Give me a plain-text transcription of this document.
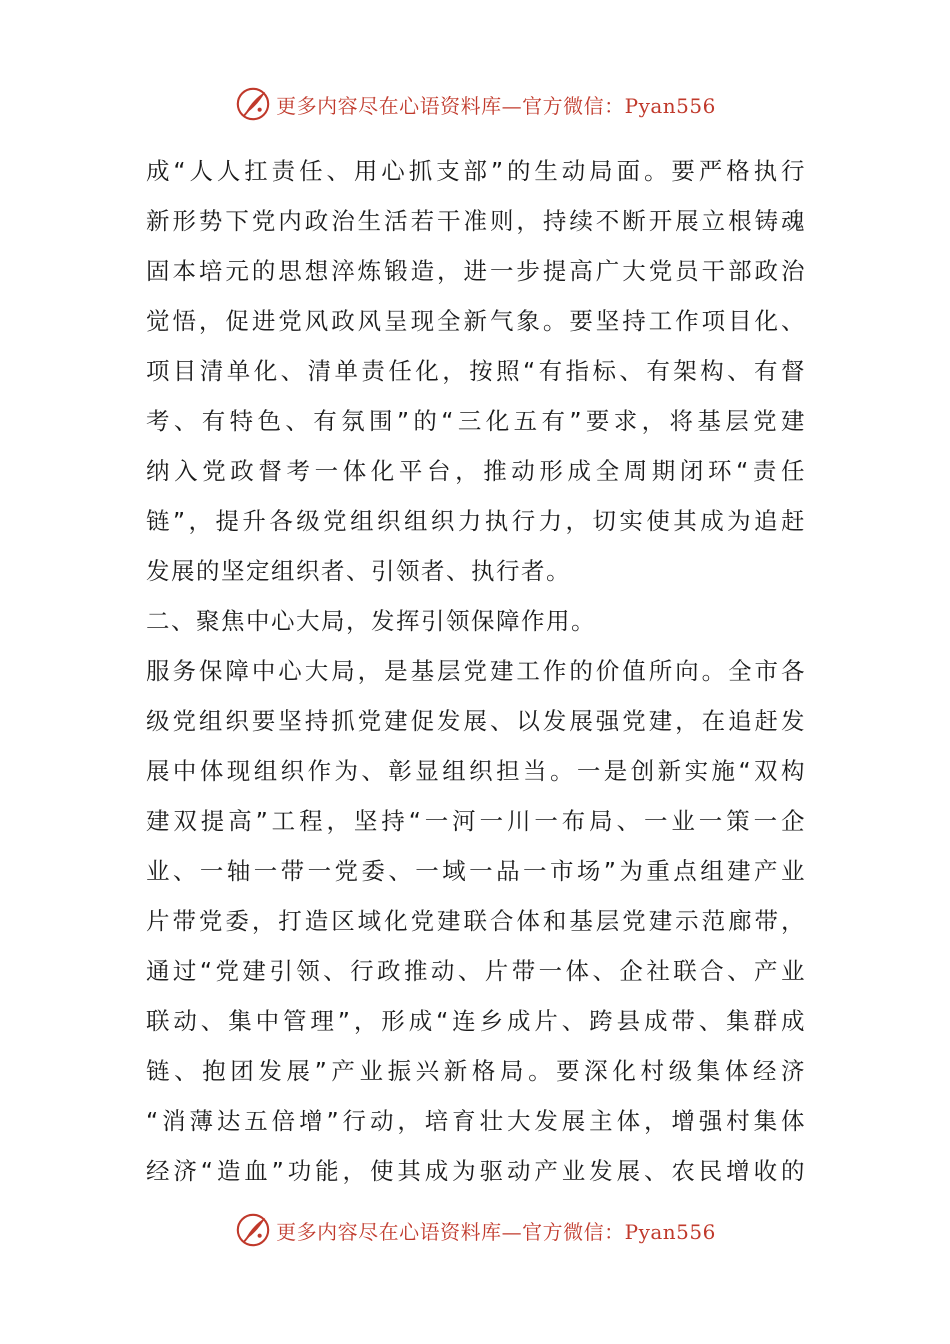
更多内容尽在心语资料库—官方微信：Pyan556
成“人人扛责任、用心抓支部”的生动局面。要严格执行
新形势下党内政治生活若干准则，持续不断开展立根铸魂
固本培元的思想淬炼锻造，进一步提高广大党员干部政治
觉悟，促进党风政风呈现全新气象。要坚持工作项目化、
项目清单化、清单责任化，按照“有指标、有架构、有督
考、有特色、有氛围”的“三化五有”要求，将基层党建
纳入党政督考一体化平台，推动形成全周期闭环“责任
链”，提升各级党组织组织力执行力，切实使其成为追赶
发展的坚定组织者、引领者、执行者。
二、聚焦中心大局，发挥引领保障作用。
服务保障中心大局，是基层党建工作的价值所向。全市各
级党组织要坚持抓党建促发展、以发展强党建，在追赶发
展中体现组织作为、彰显组织担当。一是创新实施“双构
建双提高”工程，坚持“一河一川一布局、一业一策一企
业、一轴一带一党委、一域一品一市场”为重点组建产业
片带党委，打造区域化党建联合体和基层党建示范廊带，
通过“党建引领、行政推动、片带一体、企社联合、产业
联动、集中管理”，形成“连乡成片、跨县成带、集群成
链、抱团发展”产业振兴新格局。要深化村级集体经济
“消薄达五倍增”行动，培育壮大发展主体，增强村集体
经济“造血”功能，使其成为驱动产业发展、农民增收的
更多内容尽在心语资料库—官方微信：Pyan556
